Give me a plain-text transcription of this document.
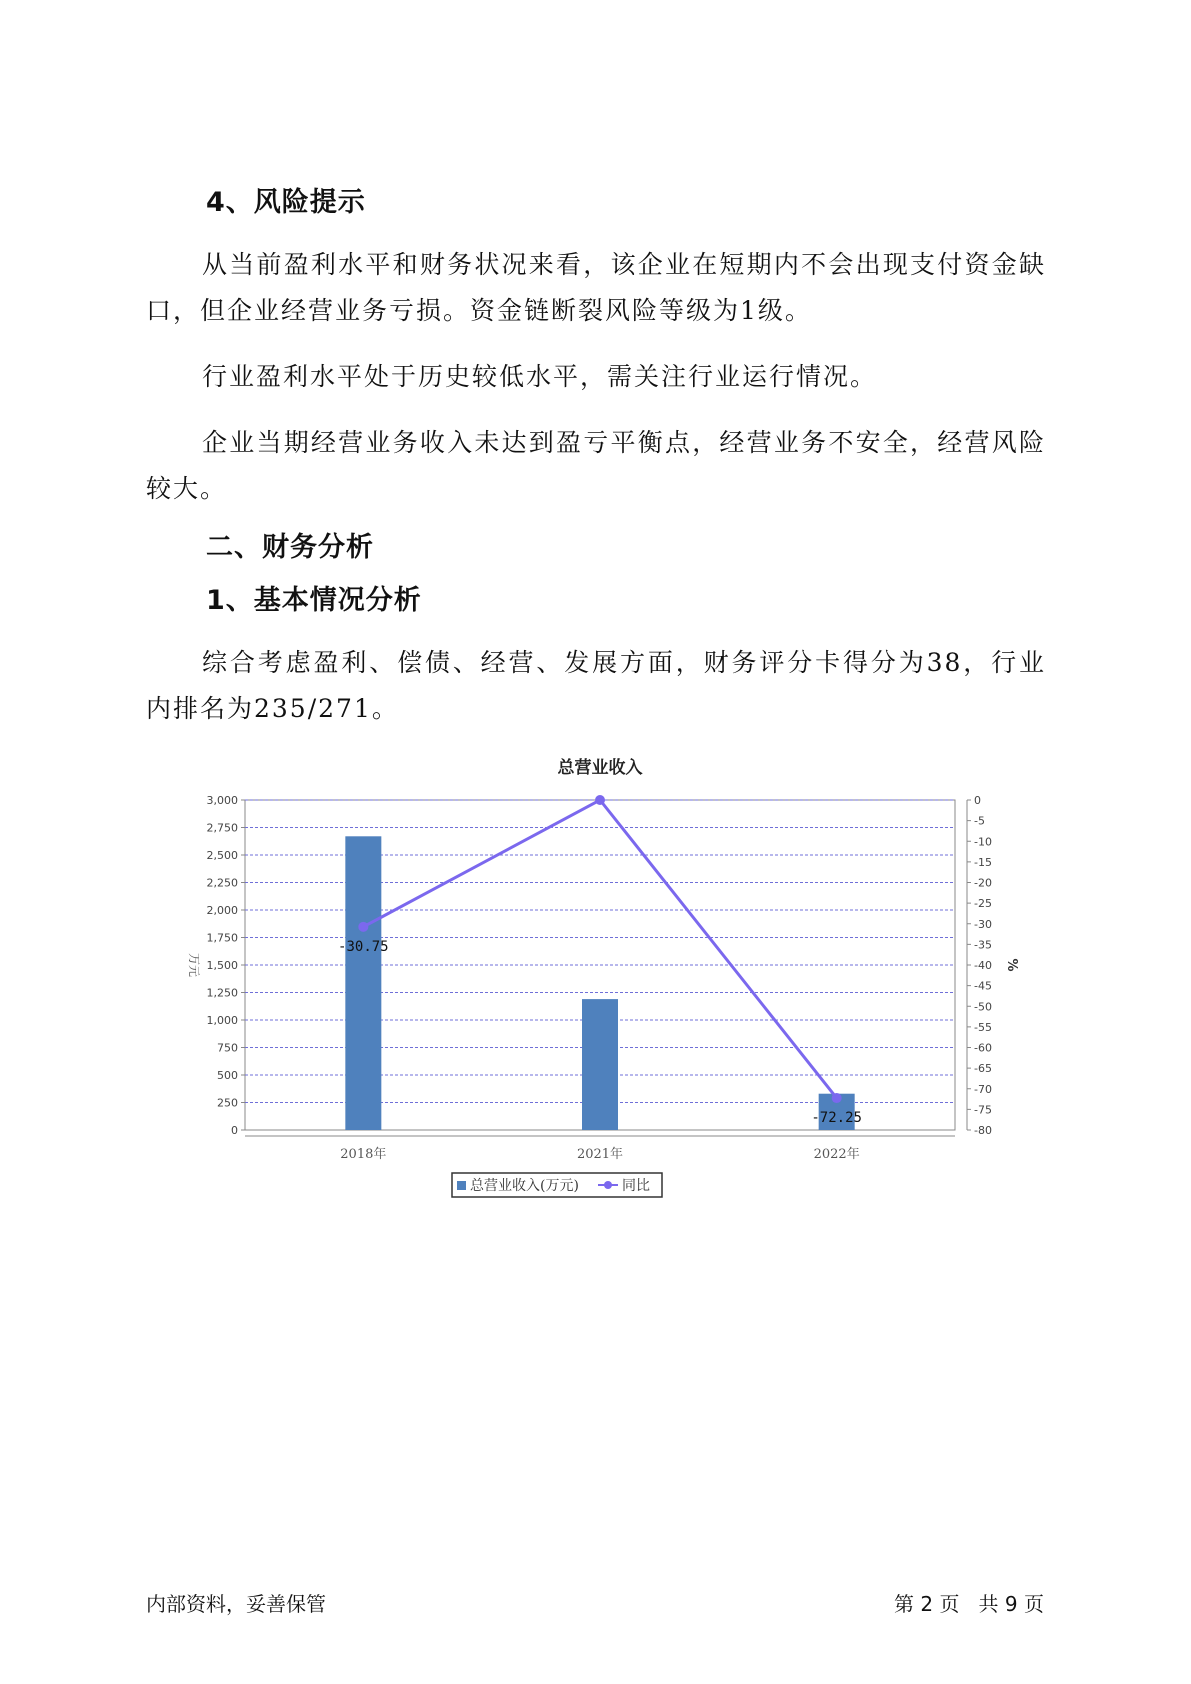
4、风险提示

从当前盈利水平和财务状况来看，该企业在短期内不会出现支付资金缺口，但企业经营业务亏损。资金链断裂风险等级为1级。

行业盈利水平处于历史较低水平，需关注行业运行情况。

企业当期经营业务收入未达到盈亏平衡点，经营业务不安全，经营风险较大。

二、财务分析
1、基本情况分析

综合考虑盈利、偿债、经营、发展方面，财务评分卡得分为38，行业内排名为235/271。

总营业收入
万元	%
0
250
500
750
1,000
1,250
1,500
1,750
2,000
2,250
2,500
2,750
3,000	0
-5
-10
-15
-20
-25
-30
-35
-40
-45
-50
-55
-60
-65
-70
-75
-80
2018年	2021年	2022年
-30.75
-72.25
总营业收入(万元)	同比

内部资料，妥善保管	第 2 页   共 9 页
